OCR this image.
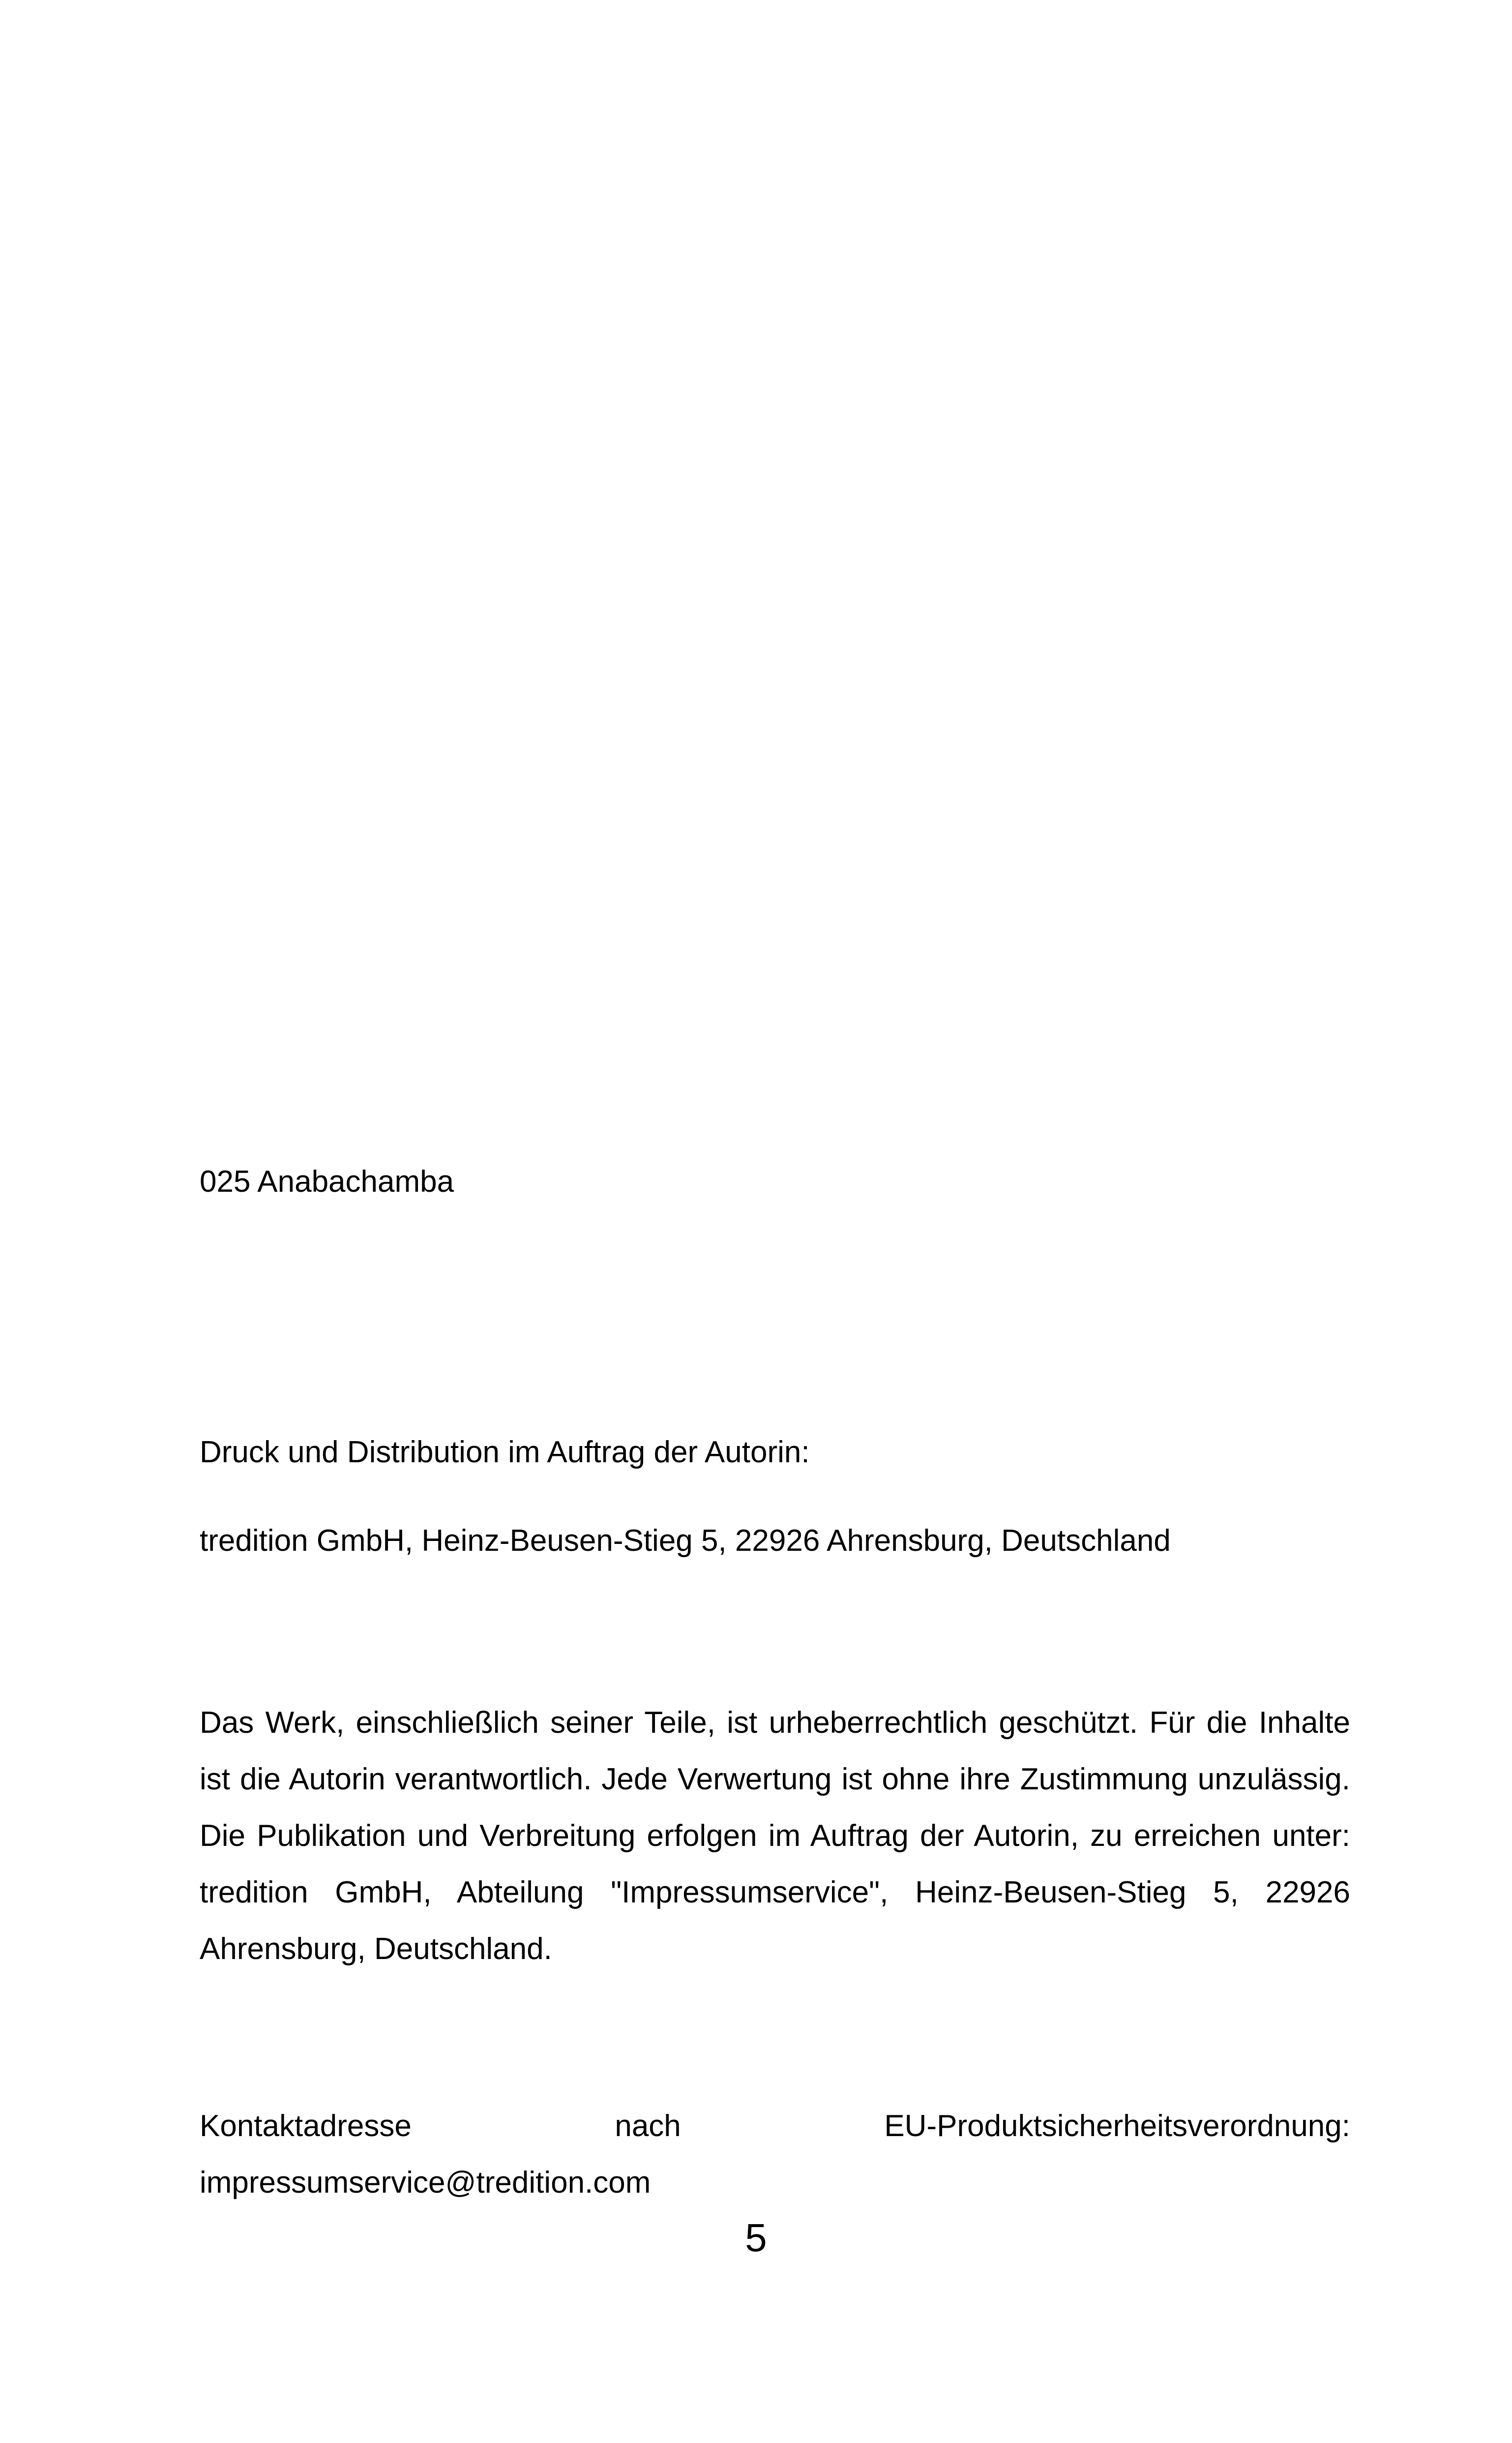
025 Anabachamba

Druck und Distribution im Auftrag der Autorin:

tredition GmbH, Heinz-Beusen-Stieg 5, 22926 Ahrensburg, Deutschland

Das Werk, einschließlich seiner Teile, ist urheberrechtlich geschützt. Für die Inhalte ist die Autorin verantwortlich. Jede Verwertung ist ohne ihre Zustimmung unzulässig. Die Publikation und Verbreitung erfolgen im Auftrag der Autorin, zu erreichen unter: tredition GmbH, Abteilung "Impressumservice", Heinz-Beusen-Stieg 5, 22926 Ahrensburg, Deutschland.

Kontaktadresse	nach	EU-Produktsicherheitsverordnung:
impressumservice@tredition.com
5
